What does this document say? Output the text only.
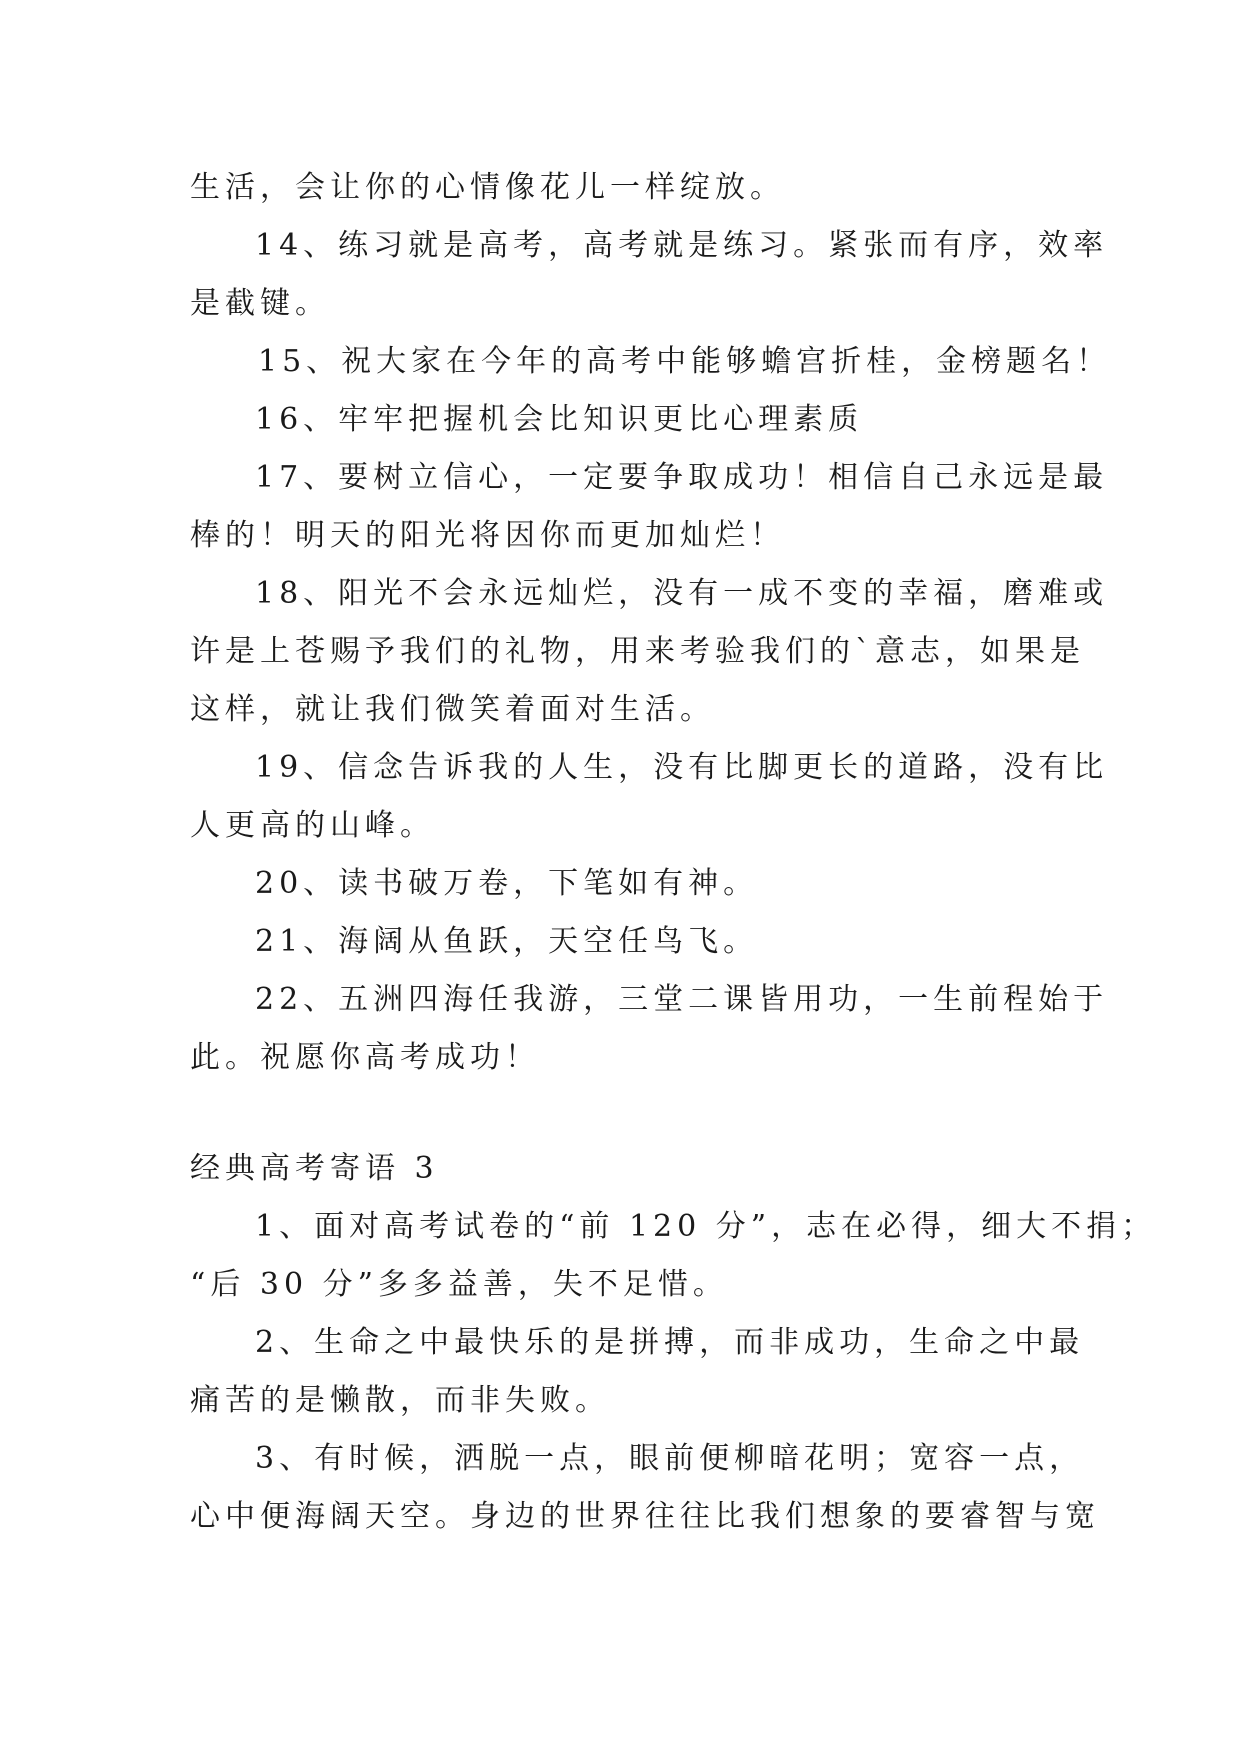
生活，会让你的心情像花儿一样绽放。
14、练习就是高考，高考就是练习。紧张而有序，效率
是截键。
15、祝大家在今年的高考中能够蟾宫折桂，金榜题名！
16、牢牢把握机会比知识更比心理素质
17、要树立信心，一定要争取成功！相信自己永远是最
棒的！明天的阳光将因你而更加灿烂！
18、阳光不会永远灿烂，没有一成不变的幸福，磨难或
许是上苍赐予我们的礼物，用来考验我们的`意志，如果是
这样，就让我们微笑着面对生活。
19、信念告诉我的人生，没有比脚更长的道路，没有比
人更高的山峰。
20、读书破万卷，下笔如有神。
21、海阔从鱼跃，天空任鸟飞。
22、五洲四海任我游，三堂二课皆用功，一生前程始于
此。祝愿你高考成功！
经典高考寄语 3
1、面对高考试卷的“前 120 分”，志在必得，细大不捐；
“后 30 分”多多益善，失不足惜。
2、生命之中最快乐的是拼搏，而非成功，生命之中最
痛苦的是懒散，而非失败。
3、有时候，洒脱一点，眼前便柳暗花明；宽容一点，
心中便海阔天空。身边的世界往往比我们想象的要睿智与宽
